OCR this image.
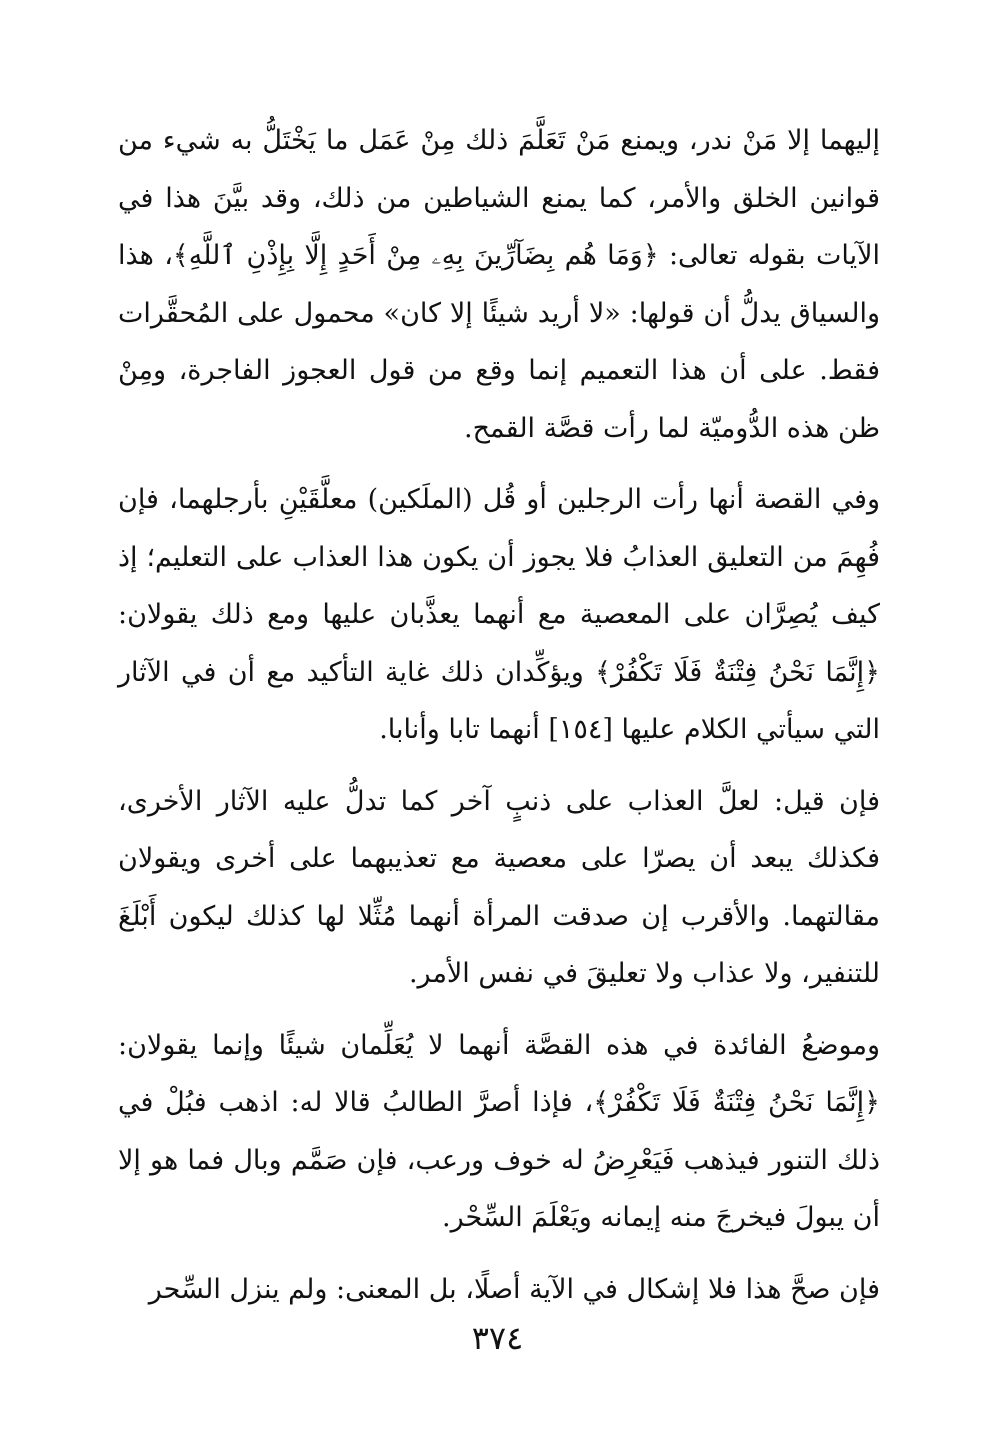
إليهما إلا مَنْ ندر، ويمنع مَنْ تَعَلَّمَ ذلك مِنْ عَمَل ما يَخْتَلُّ به شيء من قوانين الخلق والأمر، كما يمنع الشياطين من ذلك، وقد بيَّنَ هذا في الآيات بقوله تعالى: ﴿وَمَا هُم بِضَآرِّينَ بِهِۦ مِنْ أَحَدٍ إِلَّا بِإِذْنِ ٱللَّهِ﴾، هذا والسياق يدلُّ أن قولها: «لا أريد شيئًا إلا كان» محمول على المُحقَّرات فقط. على أن هذا التعميم إنما وقع من قول العجوز الفاجرة، ومِنْ ظن هذه الدُّوميّة لما رأت قصَّة القمح.

وفي القصة أنها رأت الرجلين أو قُل (الملَكين) معلَّقَيْنِ بأرجلهما، فإن فُهِمَ من التعليق العذابُ فلا يجوز أن يكون هذا العذاب على التعليم؛ إذ كيف يُصِرَّان على المعصية مع أنهما يعذَّبان عليها ومع ذلك يقولان: ﴿إِنَّمَا نَحْنُ فِتْنَةٌ فَلَا تَكْفُرْ﴾ ويؤكِّدان ذلك غاية التأكيد مع أن في الآثار التي سيأتي الكلام عليها [١٥٤] أنهما تابا وأنابا.

فإن قيل: لعلَّ العذاب على ذنبٍ آخر كما تدلُّ عليه الآثار الأخرى، فكذلك يبعد أن يصرّا على معصية مع تعذيبهما على أخرى ويقولان مقالتهما. والأقرب إن صدقت المرأة أنهما مُثِّلا لها كذلك ليكون أَبْلَغَ للتنفير، ولا عذاب ولا تعليقَ في نفس الأمر.

وموضعُ الفائدة في هذه القصَّة أنهما لا يُعَلِّمان شيئًا وإنما يقولان: ﴿إِنَّمَا نَحْنُ فِتْنَةٌ فَلَا تَكْفُرْ﴾، فإذا أصرَّ الطالبُ قالا له: اذهب فبُلْ في ذلك التنور فيذهب فَيَعْرِضُ له خوف ورعب، فإن صَمَّم وبال فما هو إلا أن يبولَ فيخرجَ منه إيمانه ويَعْلَمَ السِّحْر.

فإن صحَّ هذا فلا إشكال في الآية أصلًا، بل المعنى: ولم ينزل السِّحر

٣٧٤
